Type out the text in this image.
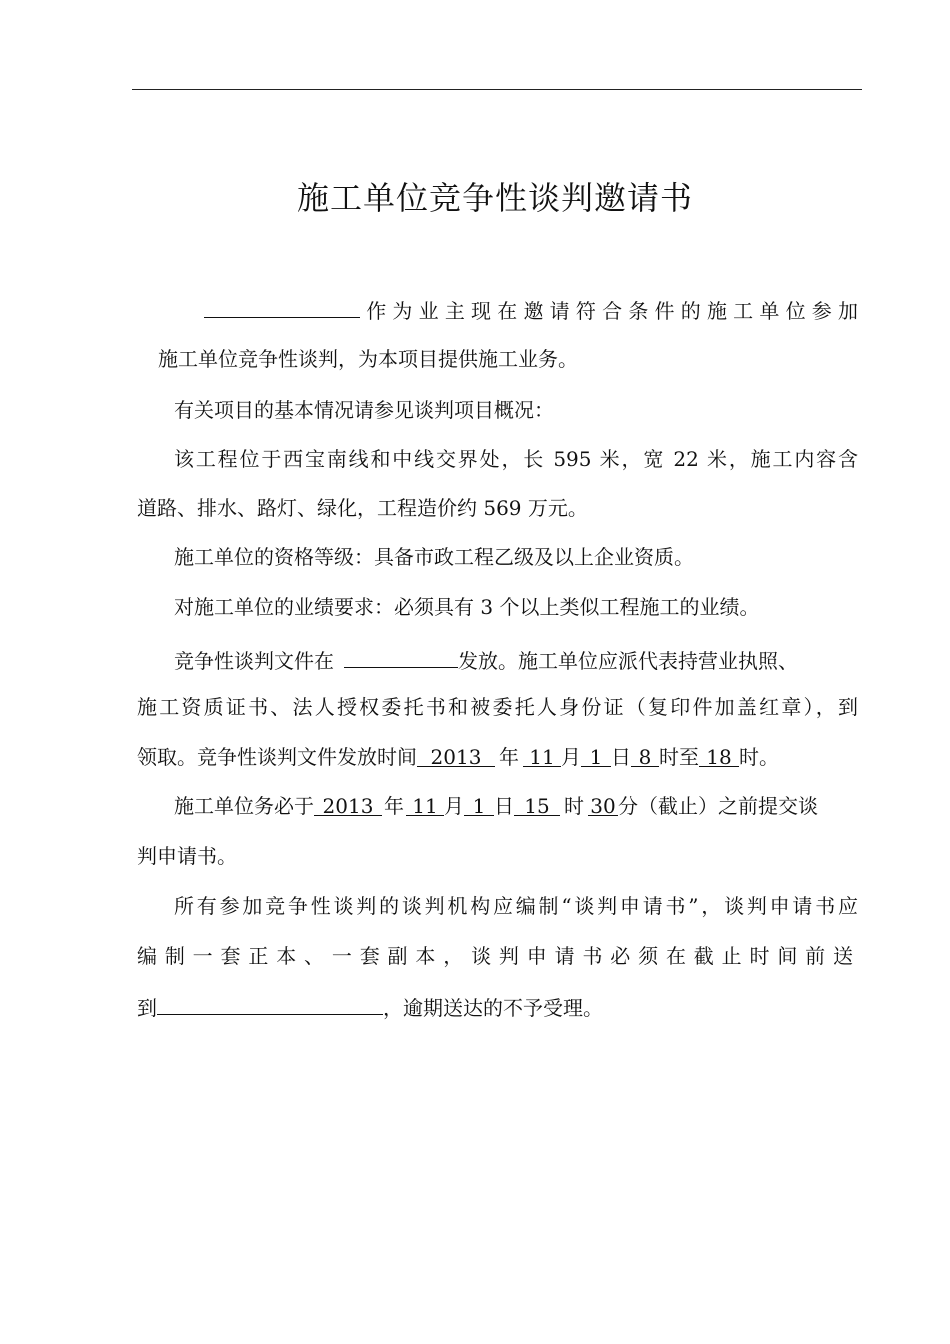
施工单位竞争性谈判邀请书
作为业主现在邀请符合条件的施工单位参加
施工单位竞争性谈判，为本项目提供施工业务。
有关项目的基本情况请参见谈判项目概况：
该工程位于西宝南线和中线交界处，长 595 米，宽 22 米，施工内容含
道路、排水、路灯、绿化，工程造价约 569 万元。
施工单位的资格等级：具备市政工程乙级及以上企业资质。
对施工单位的业绩要求：必须具有 3 个以上类似工程施工的业绩。
竞争性谈判文件在	发放。施工单位应派代表持营业执照、
施工资质证书、法人授权委托书和被委托人身份证（复印件加盖红章），到
领取。竞争性谈判文件发放时间 2013 年 11 月 1 日 8 时至 18 时。
施工单位务必于 2013 年 11 月 1 日 15 时 30 分（截止）之前提交谈
判申请书。
所有参加竞争性谈判的谈判机构应编制“谈判申请书”，谈判申请书应
编制一套正本、一套副本，谈判申请书必须在截止时间前送
到	，逾期送达的不予受理。
